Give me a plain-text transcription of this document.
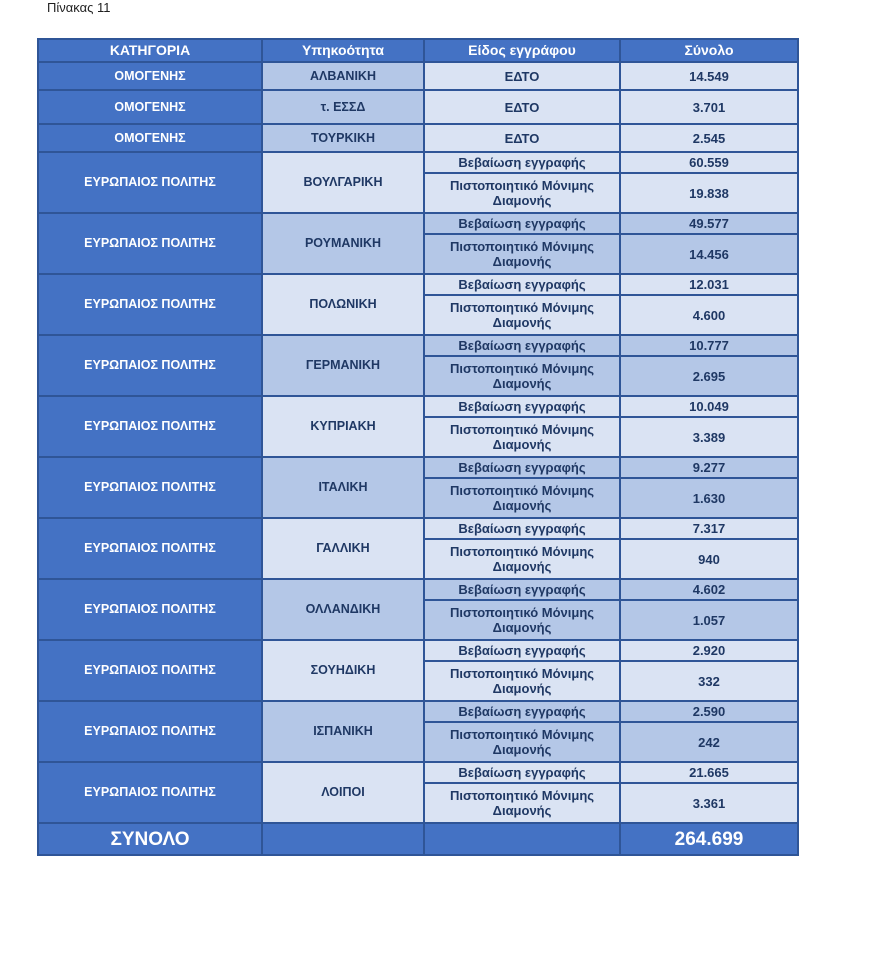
Πίνακας 11
ΚΑΤΗΓΟΡΙΑ	Υπηκοότητα	Είδος εγγράφου	Σύνολο
ΟΜΟΓΕΝΗΣ	ΑΛΒΑΝΙΚΗ	ΕΔΤΟ	14.549
ΟΜΟΓΕΝΗΣ	τ. ΕΣΣΔ	ΕΔΤΟ	3.701
ΟΜΟΓΕΝΗΣ	ΤΟΥΡΚΙΚΗ	ΕΔΤΟ	2.545
ΕΥΡΩΠΑΙΟΣ ΠΟΛΙΤΗΣ	ΒΟΥΛΓΑΡΙΚΗ	Βεβαίωση εγγραφής	60.559
		Πιστοποιητικό Μόνιμης Διαμονής	19.838
ΕΥΡΩΠΑΙΟΣ ΠΟΛΙΤΗΣ	ΡΟΥΜΑΝΙΚΗ	Βεβαίωση εγγραφής	49.577
		Πιστοποιητικό Μόνιμης Διαμονής	14.456
ΕΥΡΩΠΑΙΟΣ ΠΟΛΙΤΗΣ	ΠΟΛΩΝΙΚΗ	Βεβαίωση εγγραφής	12.031
		Πιστοποιητικό Μόνιμης Διαμονής	4.600
ΕΥΡΩΠΑΙΟΣ ΠΟΛΙΤΗΣ	ΓΕΡΜΑΝΙΚΗ	Βεβαίωση εγγραφής	10.777
		Πιστοποιητικό Μόνιμης Διαμονής	2.695
ΕΥΡΩΠΑΙΟΣ ΠΟΛΙΤΗΣ	ΚΥΠΡΙΑΚΗ	Βεβαίωση εγγραφής	10.049
		Πιστοποιητικό Μόνιμης Διαμονής	3.389
ΕΥΡΩΠΑΙΟΣ ΠΟΛΙΤΗΣ	ΙΤΑΛΙΚΗ	Βεβαίωση εγγραφής	9.277
		Πιστοποιητικό Μόνιμης Διαμονής	1.630
ΕΥΡΩΠΑΙΟΣ ΠΟΛΙΤΗΣ	ΓΑΛΛΙΚΗ	Βεβαίωση εγγραφής	7.317
		Πιστοποιητικό Μόνιμης Διαμονής	940
ΕΥΡΩΠΑΙΟΣ ΠΟΛΙΤΗΣ	ΟΛΛΑΝΔΙΚΗ	Βεβαίωση εγγραφής	4.602
		Πιστοποιητικό Μόνιμης Διαμονής	1.057
ΕΥΡΩΠΑΙΟΣ ΠΟΛΙΤΗΣ	ΣΟΥΗΔΙΚΗ	Βεβαίωση εγγραφής	2.920
		Πιστοποιητικό Μόνιμης Διαμονής	332
ΕΥΡΩΠΑΙΟΣ ΠΟΛΙΤΗΣ	ΙΣΠΑΝΙΚΗ	Βεβαίωση εγγραφής	2.590
		Πιστοποιητικό Μόνιμης Διαμονής	242
ΕΥΡΩΠΑΙΟΣ ΠΟΛΙΤΗΣ	ΛΟΙΠΟΙ	Βεβαίωση εγγραφής	21.665
		Πιστοποιητικό Μόνιμης Διαμονής	3.361
ΣΥΝΟΛΟ			264.699
